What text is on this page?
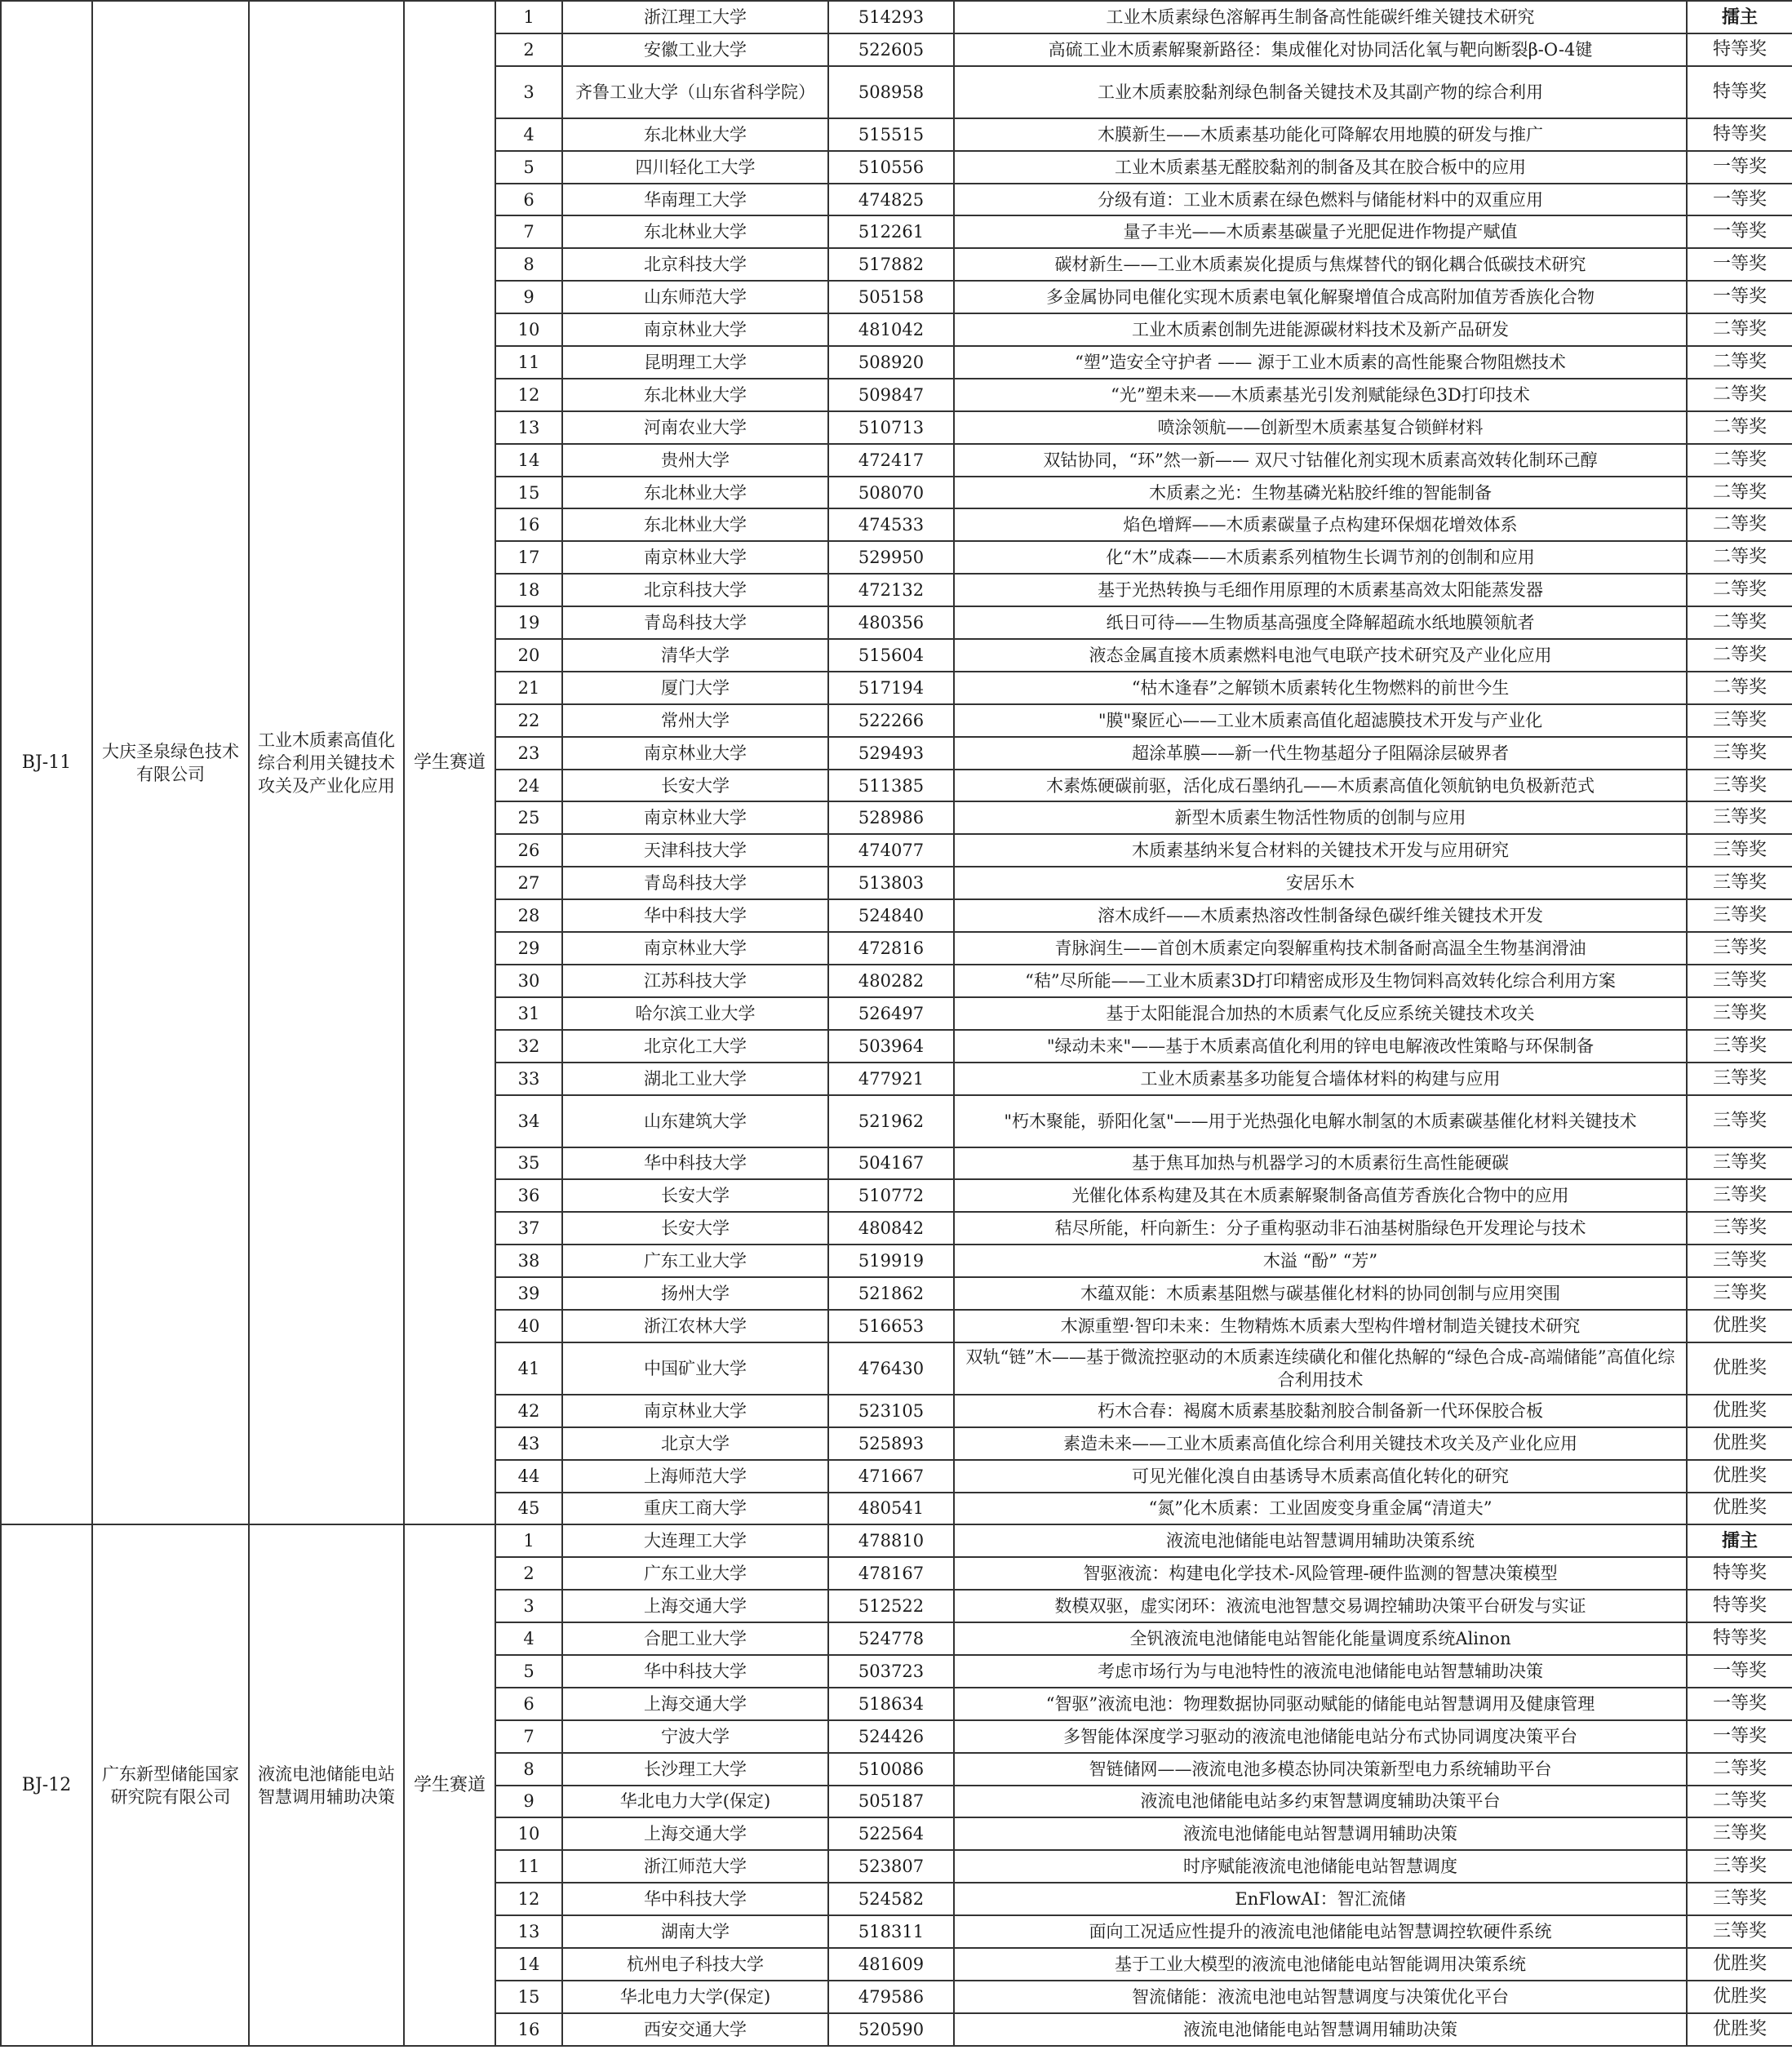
BJ-11	大庆圣泉绿色技术有限公司	工业木质素高值化综合利用关键技术攻关及产业化应用	学生赛道	1	浙江理工大学	514293	工业木质素绿色溶解再生制备高性能碳纤维关键技术研究	擂主
				2	安徽工业大学	522605	高硫工业木质素解聚新路径：集成催化对协同活化氧与靶向断裂β-O-4键	特等奖
				3	齐鲁工业大学（山东省科学院）	508958	工业木质素胶黏剂绿色制备关键技术及其副产物的综合利用	特等奖
				4	东北林业大学	515515	木膜新生——木质素基功能化可降解农用地膜的研发与推广	特等奖
				5	四川轻化工大学	510556	工业木质素基无醛胶黏剂的制备及其在胶合板中的应用	一等奖
				6	华南理工大学	474825	分级有道：工业木质素在绿色燃料与储能材料中的双重应用	一等奖
				7	东北林业大学	512261	量子丰光——木质素基碳量子光肥促进作物提产赋值	一等奖
				8	北京科技大学	517882	碳材新生——工业木质素炭化提质与焦煤替代的钢化耦合低碳技术研究	一等奖
				9	山东师范大学	505158	多金属协同电催化实现木质素电氧化解聚增值合成高附加值芳香族化合物	一等奖
				10	南京林业大学	481042	工业木质素创制先进能源碳材料技术及新产品研发	二等奖
				11	昆明理工大学	508920	“塑”造安全守护者 —— 源于工业木质素的高性能聚合物阻燃技术	二等奖
				12	东北林业大学	509847	“光”塑未来——木质素基光引发剂赋能绿色3D打印技术	二等奖
				13	河南农业大学	510713	喷涂领航——创新型木质素基复合锁鲜材料	二等奖
				14	贵州大学	472417	双钴协同，“环”然一新—— 双尺寸钴催化剂实现木质素高效转化制环己醇	二等奖
				15	东北林业大学	508070	木质素之光：生物基磷光粘胶纤维的智能制备	二等奖
				16	东北林业大学	474533	焰色增辉——木质素碳量子点构建环保烟花增效体系	二等奖
				17	南京林业大学	529950	化“木”成森——木质素系列植物生长调节剂的创制和应用	二等奖
				18	北京科技大学	472132	基于光热转换与毛细作用原理的木质素基高效太阳能蒸发器	二等奖
				19	青岛科技大学	480356	纸日可待——生物质基高强度全降解超疏水纸地膜领航者	二等奖
				20	清华大学	515604	液态金属直接木质素燃料电池气电联产技术研究及产业化应用	二等奖
				21	厦门大学	517194	“枯木逢春”之解锁木质素转化生物燃料的前世今生	二等奖
				22	常州大学	522266	"膜"聚匠心——工业木质素高值化超滤膜技术开发与产业化	三等奖
				23	南京林业大学	529493	超涂革膜——新一代生物基超分子阻隔涂层破界者	三等奖
				24	长安大学	511385	木素炼硬碳前驱，活化成石墨纳孔——木质素高值化领航钠电负极新范式	三等奖
				25	南京林业大学	528986	新型木质素生物活性物质的创制与应用	三等奖
				26	天津科技大学	474077	木质素基纳米复合材料的关键技术开发与应用研究	三等奖
				27	青岛科技大学	513803	安居乐木	三等奖
				28	华中科技大学	524840	溶木成纤——木质素热溶改性制备绿色碳纤维关键技术开发	三等奖
				29	南京林业大学	472816	青脉润生——首创木质素定向裂解重构技术制备耐高温全生物基润滑油	三等奖
				30	江苏科技大学	480282	“秸”尽所能——工业木质素3D打印精密成形及生物饲料高效转化综合利用方案	三等奖
				31	哈尔滨工业大学	526497	基于太阳能混合加热的木质素气化反应系统关键技术攻关	三等奖
				32	北京化工大学	503964	"绿动未来"——基于木质素高值化利用的锌电电解液改性策略与环保制备	三等奖
				33	湖北工业大学	477921	工业木质素基多功能复合墙体材料的构建与应用	三等奖
				34	山东建筑大学	521962	"朽木聚能，骄阳化氢"——用于光热强化电解水制氢的木质素碳基催化材料关键技术	三等奖
				35	华中科技大学	504167	基于焦耳加热与机器学习的木质素衍生高性能硬碳	三等奖
				36	长安大学	510772	光催化体系构建及其在木质素解聚制备高值芳香族化合物中的应用	三等奖
				37	长安大学	480842	秸尽所能，杆向新生：分子重构驱动非石油基树脂绿色开发理论与技术	三等奖
				38	广东工业大学	519919	木溢 “酚” “芳”	三等奖
				39	扬州大学	521862	木蕴双能：木质素基阻燃与碳基催化材料的协同创制与应用突围	三等奖
				40	浙江农林大学	516653	木源重塑·智印未来：生物精炼木质素大型构件增材制造关键技术研究	优胜奖
				41	中国矿业大学	476430	双轨“链”木——基于微流控驱动的木质素连续磺化和催化热解的“绿色合成-高端储能”高值化综合利用技术	优胜奖
				42	南京林业大学	523105	朽木合春：褐腐木质素基胶黏剂胶合制备新一代环保胶合板	优胜奖
				43	北京大学	525893	素造未来——工业木质素高值化综合利用关键技术攻关及产业化应用	优胜奖
				44	上海师范大学	471667	可见光催化溴自由基诱导木质素高值化转化的研究	优胜奖
				45	重庆工商大学	480541	“氮”化木质素：工业固废变身重金属“清道夫”	优胜奖
BJ-12	广东新型储能国家研究院有限公司	液流电池储能电站智慧调用辅助决策	学生赛道	1	大连理工大学	478810	液流电池储能电站智慧调用辅助决策系统	擂主
				2	广东工业大学	478167	智驱液流：构建电化学技术-风险管理-硬件监测的智慧决策模型	特等奖
				3	上海交通大学	512522	数模双驱，虚实闭环：液流电池智慧交易调控辅助决策平台研发与实证	特等奖
				4	合肥工业大学	524778	全钒液流电池储能电站智能化能量调度系统Alinon	特等奖
				5	华中科技大学	503723	考虑市场行为与电池特性的液流电池储能电站智慧辅助决策	一等奖
				6	上海交通大学	518634	“智驱”液流电池：物理数据协同驱动赋能的储能电站智慧调用及健康管理	一等奖
				7	宁波大学	524426	多智能体深度学习驱动的液流电池储能电站分布式协同调度决策平台	一等奖
				8	长沙理工大学	510086	智链储网——液流电池多模态协同决策新型电力系统辅助平台	二等奖
				9	华北电力大学(保定)	505187	液流电池储能电站多约束智慧调度辅助决策平台	二等奖
				10	上海交通大学	522564	液流电池储能电站智慧调用辅助决策	三等奖
				11	浙江师范大学	523807	时序赋能液流电池储能电站智慧调度	三等奖
				12	华中科技大学	524582	EnFlowAI：智汇流储	三等奖
				13	湖南大学	518311	面向工况适应性提升的液流电池储能电站智慧调控软硬件系统	三等奖
				14	杭州电子科技大学	481609	基于工业大模型的液流电池储能电站智能调用决策系统	优胜奖
				15	华北电力大学(保定)	479586	智流储能：液流电池电站智慧调度与决策优化平台	优胜奖
				16	西安交通大学	520590	液流电池储能电站智慧调用辅助决策	优胜奖
